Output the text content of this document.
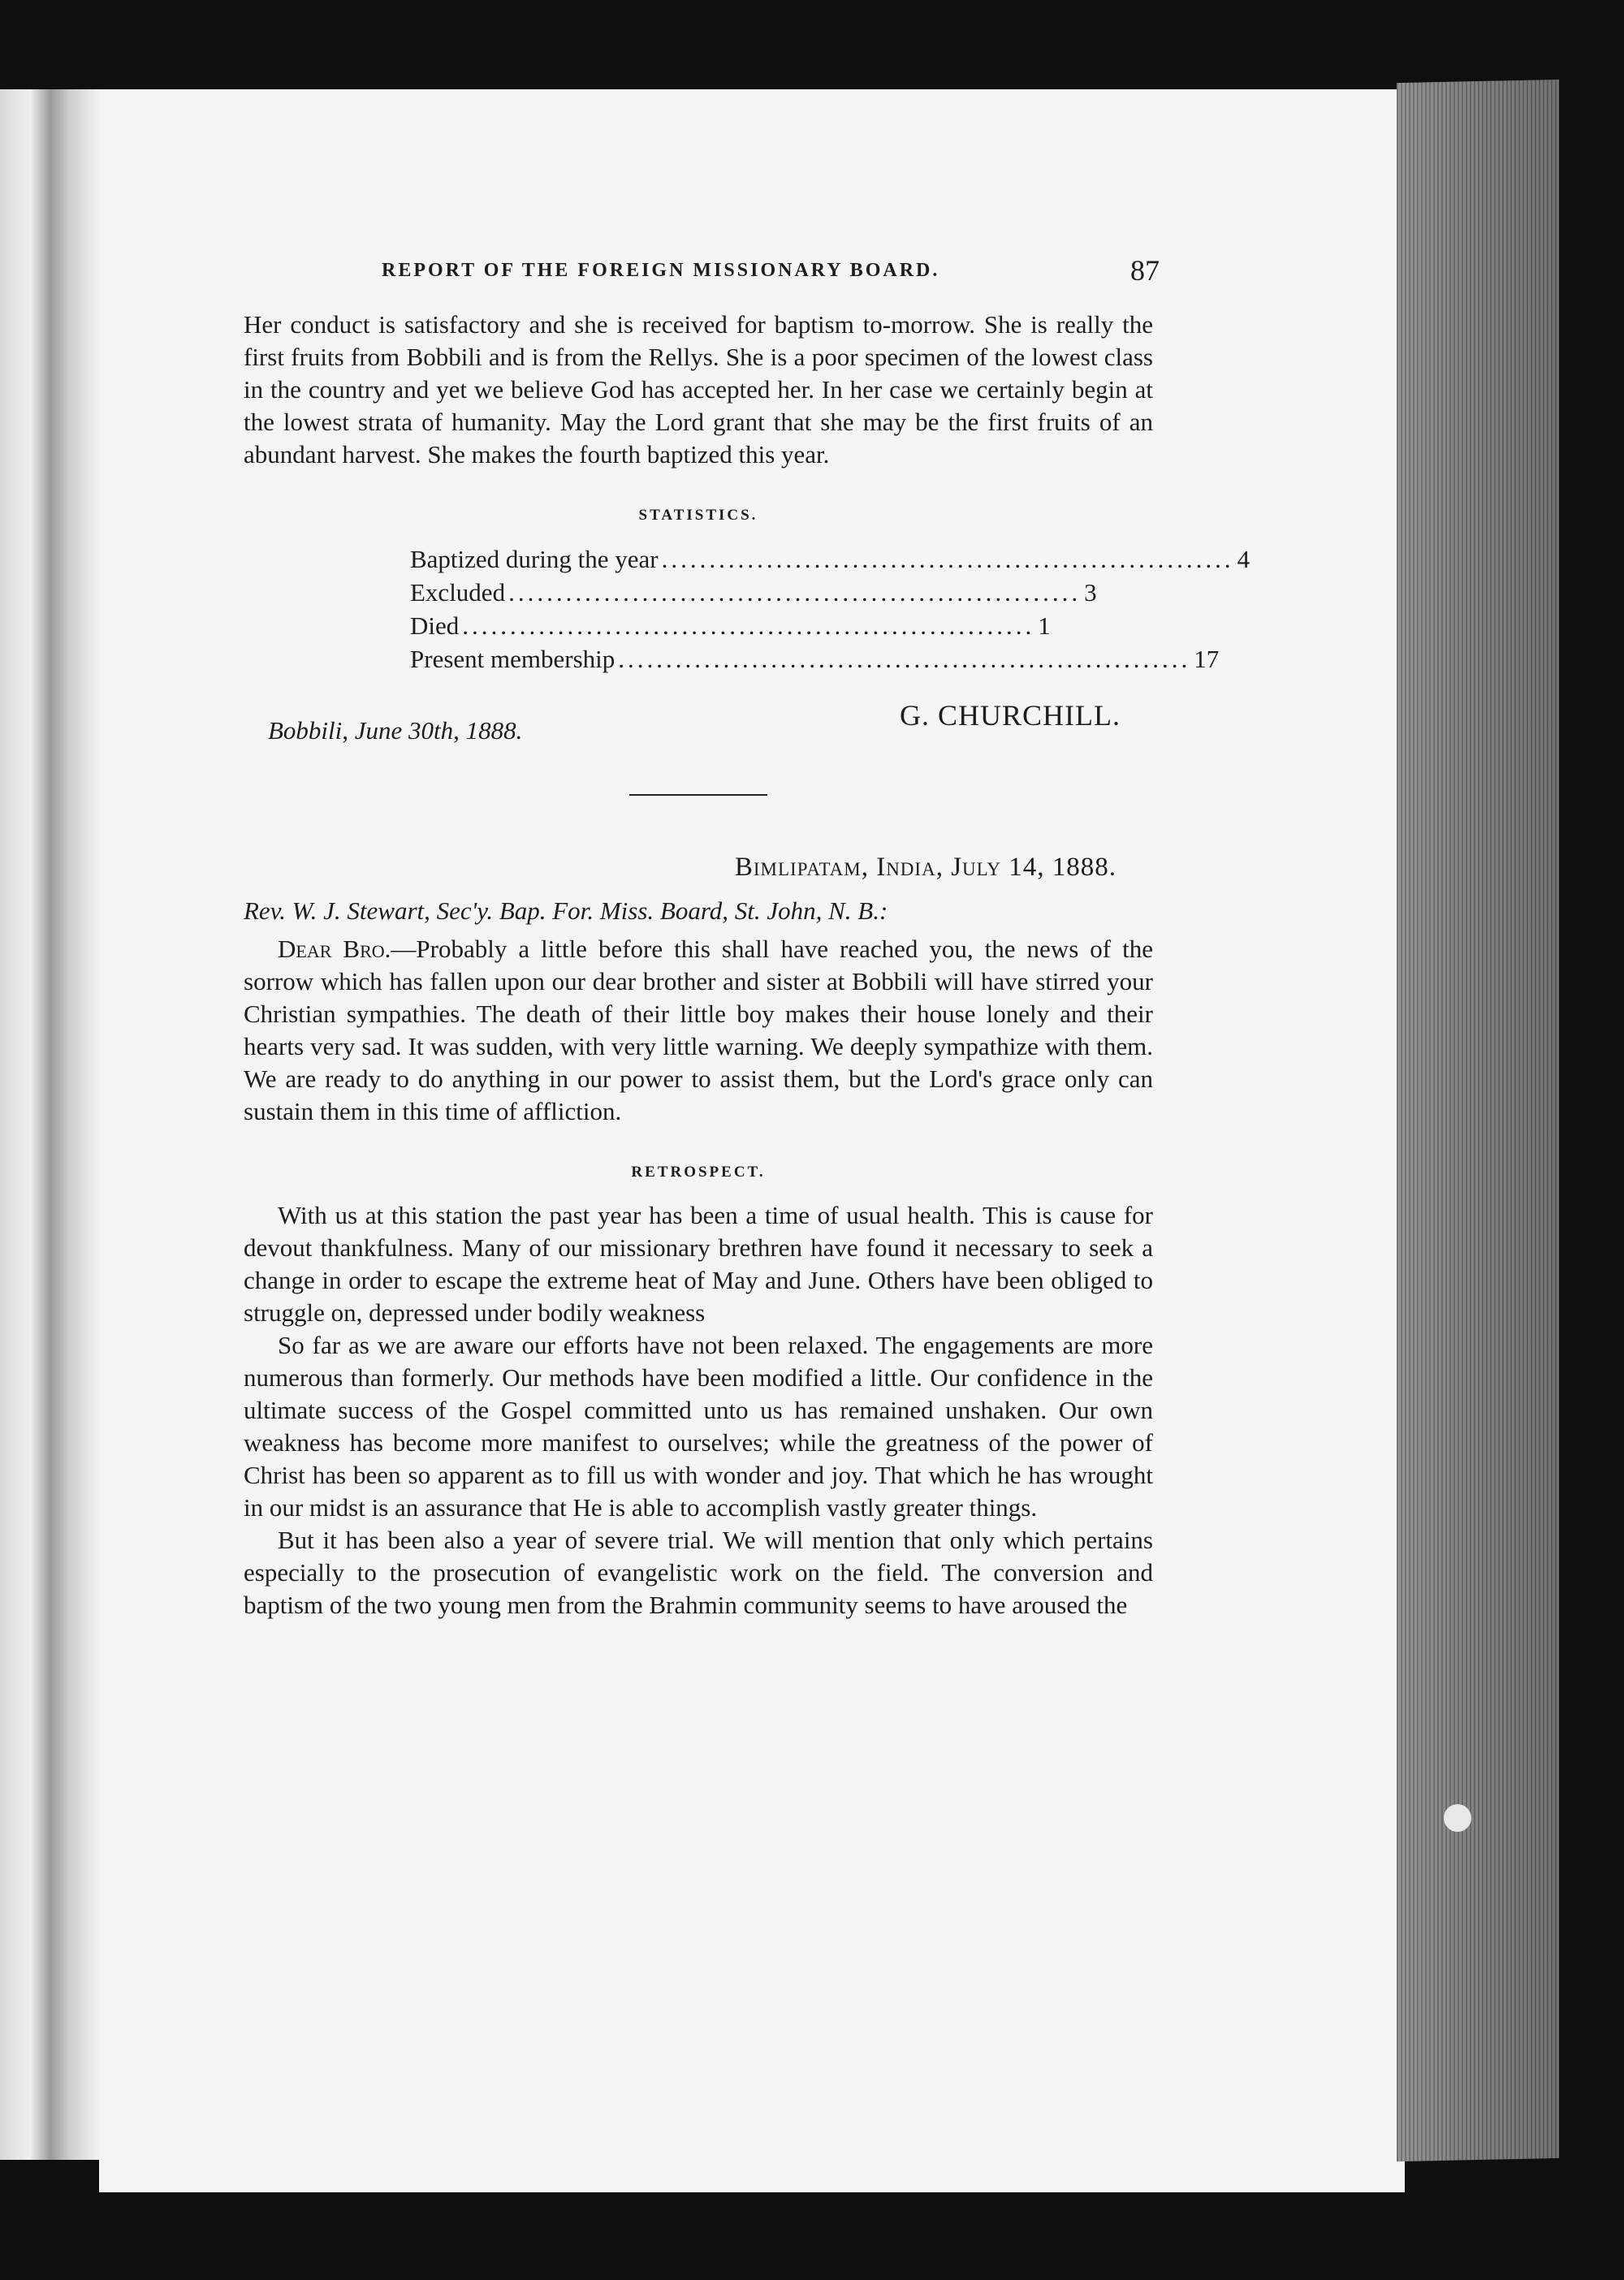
REPORT OF THE FOREIGN MISSIONARY BOARD.	87

Her conduct is satisfactory and she is received for baptism to-morrow. She is really the first fruits from Bobbili and is from the Rellys. She is a poor specimen of the lowest class in the country and yet we believe God has accepted her. In her case we certainly begin at the lowest strata of humanity. May the Lord grant that she may be the first fruits of an abundant harvest. She makes the fourth baptized this year.

STATISTICS.
Baptized during the year ............................................................ 4
Excluded ............................................................ 3
Died ............................................................ 1
Present membership ............................................................ 17
Bobbili, June 30th, 1888.	G. CHURCHILL.
Bimlipatam, India, July 14, 1888.
Rev. W. J. Stewart, Sec'y. Bap. For. Miss. Board, St. John, N. B.:

Dear Bro.—Probably a little before this shall have reached you, the news of the sorrow which has fallen upon our dear brother and sister at Bobbili will have stirred your Christian sympathies. The death of their little boy makes their house lonely and their hearts very sad. It was sudden, with very little warning. We deeply sympathize with them. We are ready to do anything in our power to assist them, but the Lord's grace only can sustain them in this time of affliction.

RETROSPECT.

With us at this station the past year has been a time of usual health. This is cause for devout thankfulness. Many of our missionary brethren have found it necessary to seek a change in order to escape the extreme heat of May and June. Others have been obliged to struggle on, depressed under bodily weakness

So far as we are aware our efforts have not been relaxed. The engagements are more numerous than formerly. Our methods have been modified a little. Our confidence in the ultimate success of the Gospel committed unto us has remained unshaken. Our own weakness has become more manifest to ourselves; while the greatness of the power of Christ has been so apparent as to fill us with wonder and joy. That which he has wrought in our midst is an assurance that He is able to accomplish vastly greater things.

But it has been also a year of severe trial. We will mention that only which pertains especially to the prosecution of evangelistic work on the field. The conversion and baptism of the two young men from the Brahmin community seems to have aroused the
